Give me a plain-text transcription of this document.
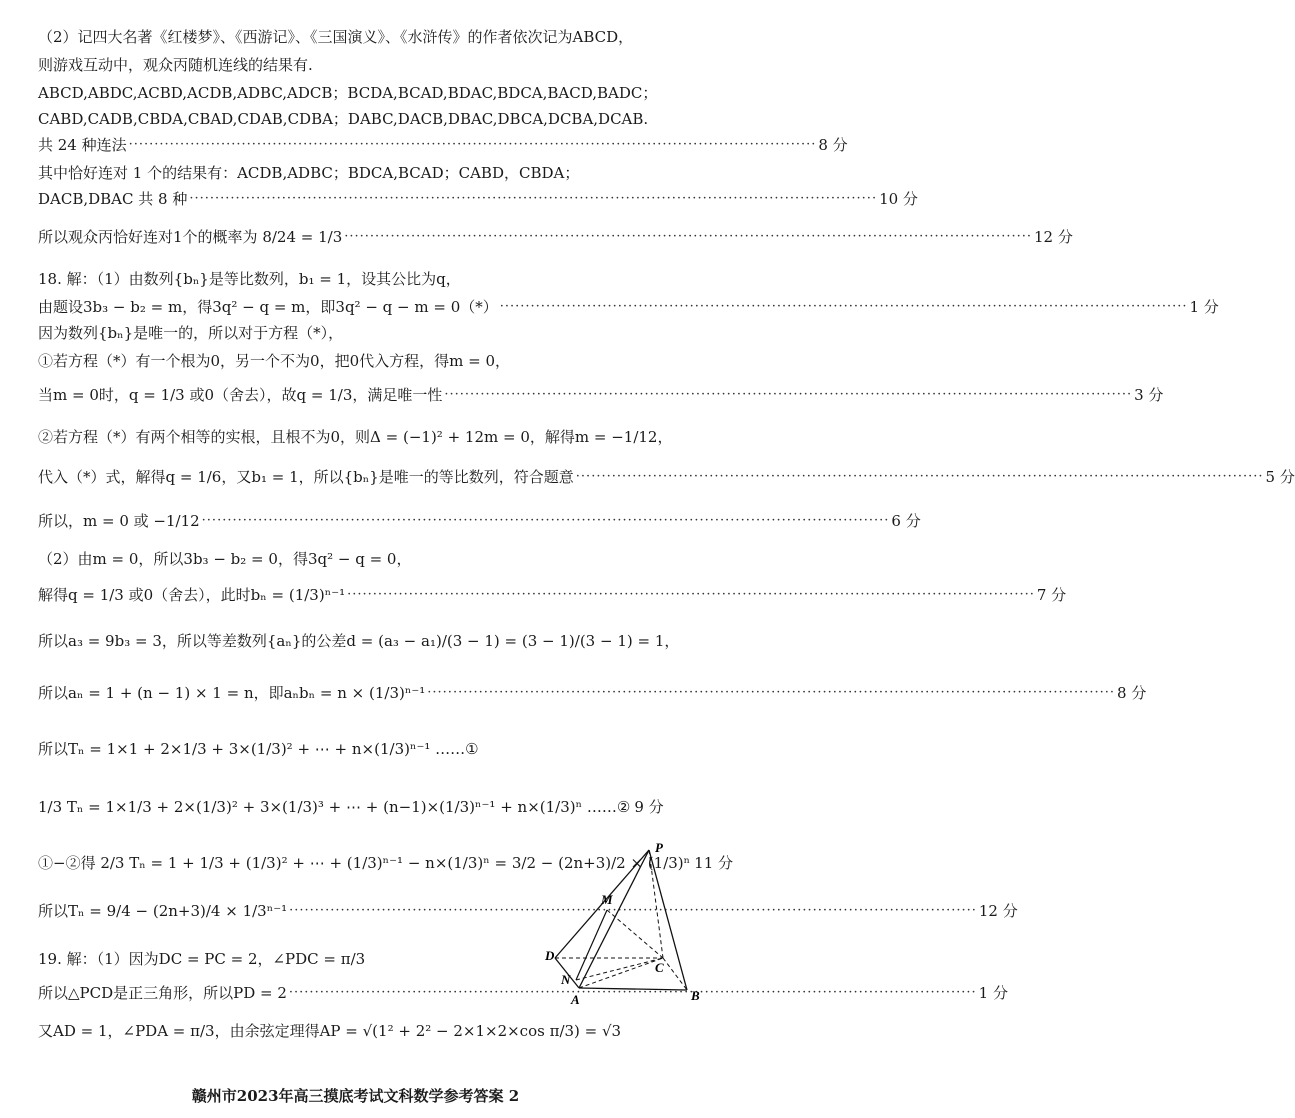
（2）记四大名著《红楼梦》、《西游记》、《三国演义》、《水浒传》的作者依次记为ABCD，
则游戏互动中，观众丙随机连线的结果有.
ABCD,ABDC,ACBD,ACDB,ADBC,ADCB；BCDA,BCAD,BDAC,BDCA,BACD,BADC；
CABD,CADB,CBDA,CBAD,CDAB,CDBA；DABC,DACB,DBAC,DBCA,DCBA,DCAB.
共 24 种连法 ·····	8 分
其中恰好连对 1 个的结果有：ACDB,ADBC；BDCA,BCAD；CABD，CBDA；
DACB,DBAC 共 8 种 ·····	10 分
所以观众丙恰好连对1个的概率为 8/24 = 1/3 ·····	12 分
18. 解：（1）由数列{bₙ}是等比数列，b₁ = 1，设其公比为q，
由题设3b₃ − b₂ = m，得3q² − q = m，即3q² − q − m = 0（*） ·····	1 分
因为数列{bₙ}是唯一的，所以对于方程（*），
①若方程（*）有一个根为0，另一个不为0，把0代入方程，得m = 0，
当m = 0时，q = 1/3 或0（舍去），故q = 1/3，满足唯一性 ·····	3 分
②若方程（*）有两个相等的实根，且根不为0，则Δ = (−1)² + 12m = 0，解得m = −1/12，
代入（*）式，解得q = 1/6，又b₁ = 1，所以{bₙ}是唯一的等比数列，符合题意 ·····	5 分
所以，m = 0 或 −1/12 ·····	6 分
（2）由m = 0，所以3b₃ − b₂ = 0，得3q² − q = 0，
解得q = 1/3 或0（舍去），此时bₙ = (1/3)ⁿ⁻¹ ·····	7 分
所以a₃ = 9b₃ = 3，所以等差数列{aₙ}的公差d = (a₃ − a₁)/(3 − 1) = (3 − 1)/(3 − 1) = 1，
所以aₙ = 1 + (n − 1) × 1 = n，即aₙbₙ = n × (1/3)ⁿ⁻¹ ·····	8 分
所以Tₙ = 1×1 + 2×1/3 + 3×(1/3)² + ⋯ + n×(1/3)ⁿ⁻¹ ……①
1/3 Tₙ = 1×1/3 + 2×(1/3)² + 3×(1/3)³ + ⋯ + (n−1)×(1/3)ⁿ⁻¹ + n×(1/3)ⁿ ……② 9 分
①−②得 2/3 Tₙ = 1 + 1/3 + (1/3)² + ⋯ + (1/3)ⁿ⁻¹ − n×(1/3)ⁿ = 3/2 − (2n+3)/2 × (1/3)ⁿ 11 分
所以Tₙ = 9/4 − (2n+3)/4 × 1/3ⁿ⁻¹ ·····	12 分
19. 解：（1）因为DC = PC = 2，∠PDC = π/3
所以△PCD是正三角形，所以PD = 2 ·····	1 分
又AD = 1，∠PDA = π/3，由余弦定理得AP = √(1² + 2² − 2×1×2×cos π/3) = √3
P
M
D
N
C
A	B
赣州市2023年高三摸底考试文科数学参考答案 2
